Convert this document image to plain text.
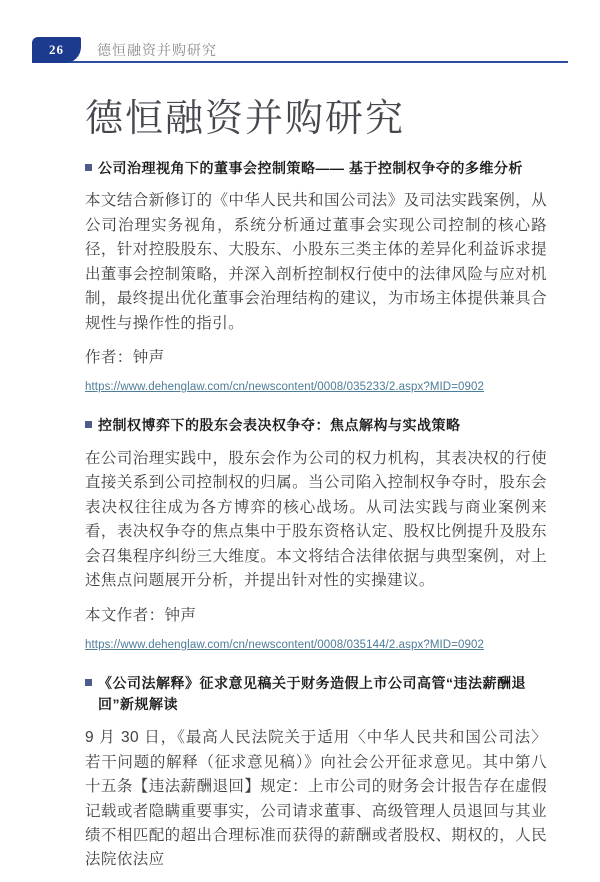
26 德恒融资并购研究
德恒融资并购研究
公司治理视角下的董事会控制策略—— 基于控制权争夺的多维分析

本文结合新修订的《中华人民共和国公司法》及司法实践案例，从公司治理实务视角，系统分析通过董事会实现公司控制的核心路径，针对控股股东、大股东、小股东三类主体的差异化利益诉求提出董事会控制策略，并深入剖析控制权行使中的法律风险与应对机制，最终提出优化董事会治理结构的建议，为市场主体提供兼具合规性与操作性的指引。

作者：钟声
https://www.dehenglaw.com/cn/newscontent/0008/035233/2.aspx?MID=0902
控制权博弈下的股东会表决权争夺：焦点解构与实战策略

在公司治理实践中，股东会作为公司的权力机构，其表决权的行使直接关系到公司控制权的归属。当公司陷入控制权争夺时，股东会表决权往往成为各方博弈的核心战场。从司法实践与商业案例来看，表决权争夺的焦点集中于股东资格认定、股权比例提升及股东会召集程序纠纷三大维度。本文将结合法律依据与典型案例，对上述焦点问题展开分析，并提出针对性的实操建议。

本文作者：钟声
https://www.dehenglaw.com/cn/newscontent/0008/035144/2.aspx?MID=0902
《公司法解释》征求意见稿关于财务造假上市公司高管“违法薪酬退回”新规解读

9 月 30 日，《最高人民法院关于适用〈中华人民共和国公司法〉若干问题的解释（征求意见稿）》向社会公开征求意见。其中第八十五条【违法薪酬退回】规定：上市公司的财务会计报告存在虚假记载或者隐瞒重要事实，公司请求董事、高级管理人员退回与其业绩不相匹配的超出合理标准而获得的薪酬或者股权、期权的，人民法院依法应
